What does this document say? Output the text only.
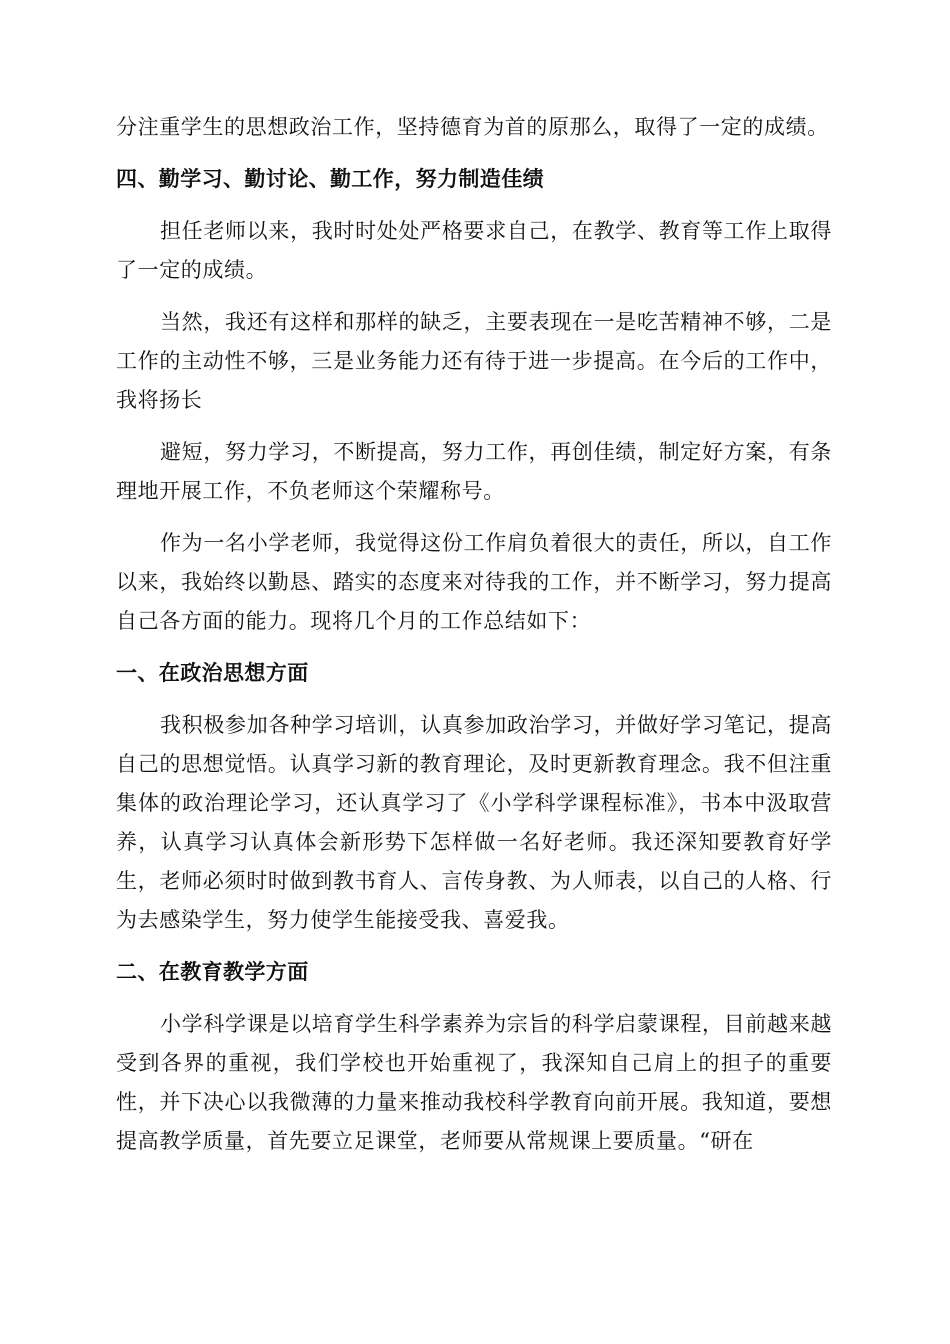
分注重学生的思想政治工作，坚持德育为首的原那么，取得了一定的成绩。

四、勤学习、勤讨论、勤工作，努力制造佳绩

担任老师以来，我时时处处严格要求自己，在教学、教育等工作上取得了一定的成绩。

当然，我还有这样和那样的缺乏，主要表现在一是吃苦精神不够，二是工作的主动性不够，三是业务能力还有待于进一步提高。在今后的工作中，我将扬长

避短，努力学习，不断提高，努力工作，再创佳绩，制定好方案，有条理地开展工作，不负老师这个荣耀称号。

作为一名小学老师，我觉得这份工作肩负着很大的责任，所以，自工作以来，我始终以勤恳、踏实的态度来对待我的工作，并不断学习，努力提高自己各方面的能力。现将几个月的工作总结如下：

一、在政治思想方面

我积极参加各种学习培训，认真参加政治学习，并做好学习笔记，提高自己的思想觉悟。认真学习新的教育理论，及时更新教育理念。我不但注重集体的政治理论学习，还认真学习了《小学科学课程标准》，书本中汲取营养，认真学习认真体会新形势下怎样做一名好老师。我还深知要教育好学生，老师必须时时做到教书育人、言传身教、为人师表，以自己的人格、行为去感染学生，努力使学生能接受我、喜爱我。

二、在教育教学方面

小学科学课是以培育学生科学素养为宗旨的科学启蒙课程，目前越来越受到各界的重视，我们学校也开始重视了，我深知自己肩上的担子的重要性，并下决心以我微薄的力量来推动我校科学教育向前开展。我知道，要想提高教学质量，首先要立足课堂，老师要从常规课上要质量。“研在
